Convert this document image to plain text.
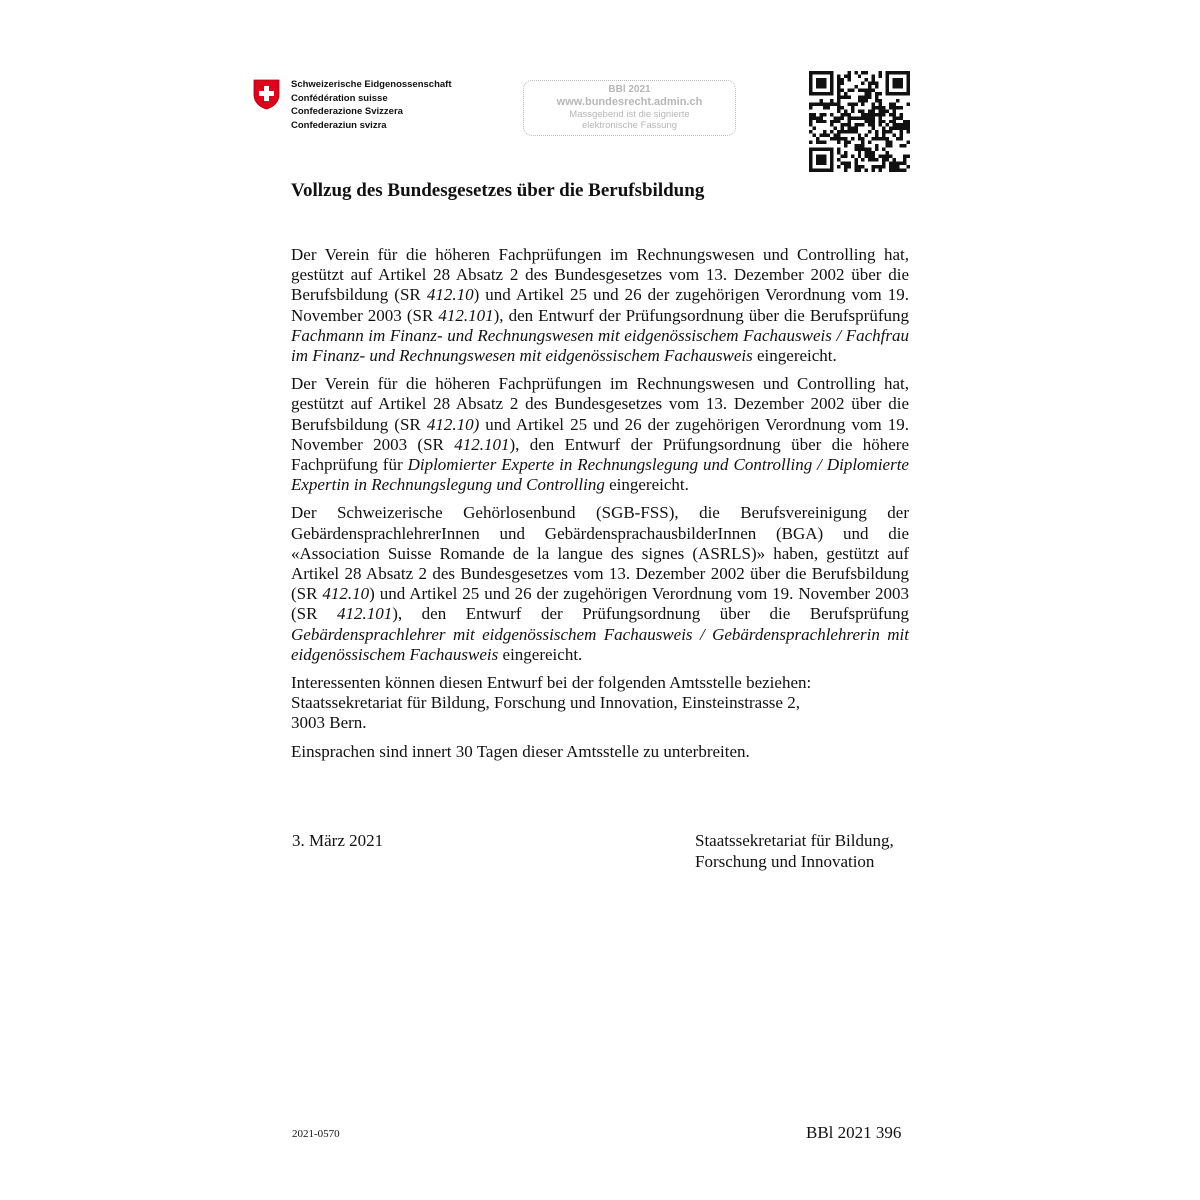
Schweizerische Eidgenossenschaft
Confédération suisse
Confederazione Svizzera
Confederaziun svizra
BBl 2021
www.bundesrecht.admin.ch
Massgebend ist die signierte
elektronische Fassung
Vollzug des Bundesgesetzes über die Berufsbildung

Der Verein für die höheren Fachprüfungen im Rechnungswesen und Controlling hat, gestützt auf Artikel 28 Absatz 2 des Bundesgesetzes vom 13. Dezember 2002 über die Berufsbildung (SR 412.10) und Artikel 25 und 26 der zugehörigen Verordnung vom 19. November 2003 (SR 412.101), den Entwurf der Prüfungsordnung über die Berufsprüfung Fachmann im Finanz- und Rechnungswesen mit eidgenössischem Fachausweis / Fachfrau im Finanz- und Rechnungswesen mit eidgenössischem Fachausweis eingereicht.

Der Verein für die höheren Fachprüfungen im Rechnungswesen und Controlling hat, gestützt auf Artikel 28 Absatz 2 des Bundesgesetzes vom 13. Dezember 2002 über die Berufsbildung (SR 412.10) und Artikel 25 und 26 der zugehörigen Verordnung vom 19. November 2003 (SR 412.101), den Entwurf der Prüfungsordnung über die höhere Fachprüfung für Diplomierter Experte in Rechnungslegung und Controlling / Diplomierte Expertin in Rechnungslegung und Controlling eingereicht.

Der Schweizerische Gehörlosenbund (SGB-FSS), die Berufsvereinigung der GebärdensprachlehrerInnen und GebärdensprachausbilderInnen (BGA) und die «Association Suisse Romande de la langue des signes (ASRLS)» haben, gestützt auf Artikel 28 Absatz 2 des Bundesgesetzes vom 13. Dezember 2002 über die Berufsbildung (SR 412.10) und Artikel 25 und 26 der zugehörigen Verordnung vom 19. November 2003 (SR 412.101), den Entwurf der Prüfungsordnung über die Berufsprüfung Gebärdensprachlehrer mit eidgenössischem Fachausweis / Gebärdensprachlehrerin mit eidgenössischem Fachausweis eingereicht.

Interessenten können diesen Entwurf bei der folgenden Amtsstelle beziehen:
Staatssekretariat für Bildung, Forschung und Innovation, Einsteinstrasse 2,
3003 Bern.

Einsprachen sind innert 30 Tagen dieser Amtsstelle zu unterbreiten.

3. März 2021	Staatssekretariat für Bildung,
Forschung und Innovation
2021-0570	BBl 2021 396
